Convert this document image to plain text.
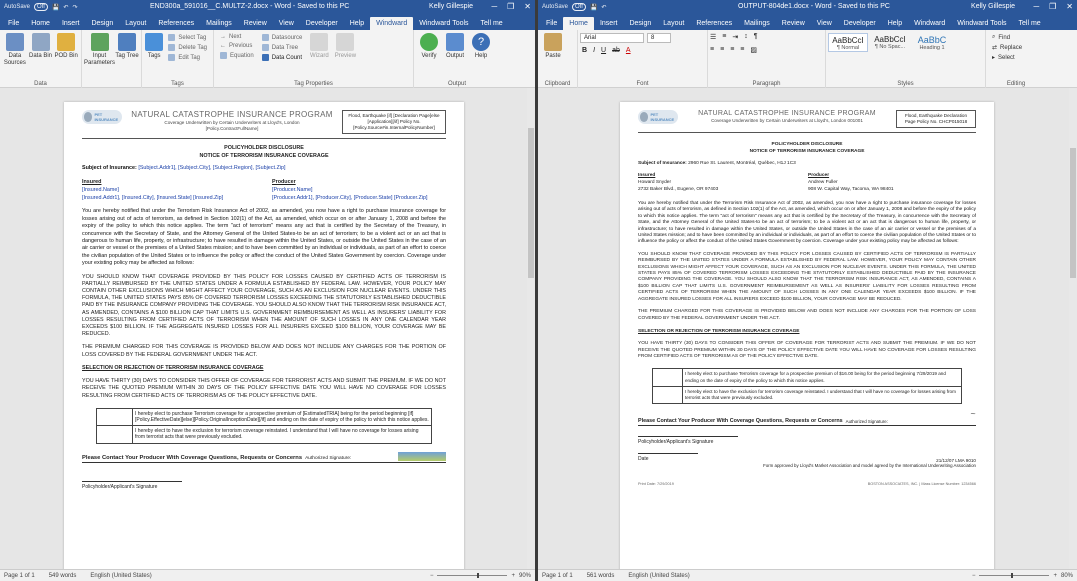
AutoSave	Off	💾 ↶ ↷	END300a_591016__C.MULTZ-2.docx - Word - Saved to this PC	Kelly Gillespie ─ ❐ ✕
File	Home	Insert	Design	Layout	References	Mailings	Review	View	Developer	Help	Windward	Windward Tools	Tell me
Data Sources
Data Bin POD Bin
Data
Input Parameters
Tag Tree Tags
Select Tag
Delete Tag
Edit Tag
Tags
→ Next
← Previous
Equation
Datasource
Data Tree
Data Count Wizard Preview
Tag Properties
Verify Output
?
Help
Output
PET INSURANCE
NATURAL CATASTROPHE INSURANCE PROGRAM
Coverage Underwritten by Certain Underwriters at Lloyd's, London
[Policy.ContractFullName]
Flood, Earthquake [if] [Declaration Page]else [Application][/if] Policy No. [Policy.Source#in.InternalPolicyNumber]
POLICYHOLDER DISCLOSURE
NOTICE OF TERRORISM INSURANCE COVERAGE
Subject of Insurance: [Subject.Addr1], [Subject.City], [Subject.Region], [Subject.Zip]
Insured
[Insured.Name]
[Insured.Addr1], [Insured.City], [Insured.State] [Insured.Zip]
Producer
[Producer.Name]
[Producer.Addr1], [Producer.City], [Producer.State] [Producer.Zip]
You are hereby notified that under the Terrorism Risk Insurance Act of 2002, as amended, you now have a right to purchase insurance coverage for losses arising out of acts of terrorism, as defined in Section 102(1) of the Act, as amended, which occur on or after January 1, 2008 and before the expiry of the policy to which this notice applies. The term "act of terrorism" means any act that is certified by the Secretary of the Treasury, in concurrence with the Secretary of State, and the Attorney General of the United States-to be an act of terrorism; to be a violent act or an act that is dangerous to human life, property, or infrastructure; to have resulted in damage within the United States, or outside the United States in the case of an air carrier or vessel or the premises of a United States mission; and to have been committed by an individual or individuals, as part of an effort to coerce the civilian population of the United States or to influence the policy or affect the conduct of the United States Government by coercion. Coverage under your existing policy may be affected as follows:
YOU SHOULD KNOW THAT COVERAGE PROVIDED BY THIS POLICY FOR LOSSES CAUSED BY CERTIFIED ACTS OF TERRORISM IS PARTIALLY REIMBURSED BY THE UNITED STATES UNDER A FORMULA ESTABLISHED BY FEDERAL LAW. HOWEVER, YOUR POLICY MAY CONTAIN OTHER EXCLUSIONS WHICH MIGHT AFFECT YOUR COVERAGE, SUCH AS AN EXCLUSION FOR NUCLEAR EVENTS. UNDER THIS FORMULA, THE UNITED STATES PAYS 85% OF COVERED TERRORISM LOSSES EXCEEDING THE STATUTORILY ESTABLISHED DEDUCTIBLE PAID BY THE INSURANCE COMPANY PROVIDING THE COVERAGE. YOU SHOULD ALSO KNOW THAT THE TERRORISM RISK INSURANCE ACT, AS AMENDED, CONTAINS A $100 BILLION CAP THAT LIMITS U.S. GOVERNMENT REIMBURSEMENT AS WELL AS INSURERS' LIABILITY FOR LOSSES RESULTING FROM CERTIFIED ACTS OF TERRORISM WHEN THE AMOUNT OF SUCH LOSSES IN ANY ONE CALENDAR YEAR EXCEEDS $100 BILLION. IF THE AGGREGATE INSURED LOSSES FOR ALL INSURERS EXCEED $100 BILLION, YOUR COVERAGE MAY BE REDUCED.
THE PREMIUM CHARGED FOR THIS COVERAGE IS PROVIDED BELOW AND DOES NOT INCLUDE ANY CHARGES FOR THE PORTION OF LOSS COVERED BY THE FEDERAL GOVERNMENT UNDER THE ACT.
SELECTION OR REJECTION OF TERRORISM INSURANCE COVERAGE
YOU HAVE THIRTY (30) DAYS TO CONSIDER THIS OFFER OF COVERAGE FOR TERRORIST ACTS AND SUBMIT THE PREMIUM. IF WE DO NOT RECEIVE THE QUOTED PREMIUM WITHIN 30 DAYS OF THE POLICY EFFECTIVE DATE YOU WILL HAVE NO COVERAGE FOR LOSSES RESULTING FROM CERTIFIED ACTS OF TERRORISM AS OF THE POLICY EFFECTIVE DATE.
	I hereby elect to purchase Terrorism coverage for a prospective premium of [EstimatedTRIA] being for the period beginning [if][Policy.EffectiveDate][else][Policy.OriginalInceptionDate][/if] and ending on the date of expiry of the policy to which this notice applies.
	I hereby elect to have the exclusion for terrorism coverage reinstated. I understand that I will have no coverage for losses arising from terrorist acts that were previously excluded.
Please Contact Your Producer With Coverage Questions, Requests or Concerns Authorized Signature:
Policyholder/Applicant's Signature
Page 1 of 1 549 words English (United States)	−	+ 90%
AutoSave	Off	💾 ↶	OUTPUT-804de1.docx - Word - Saved to this PC	Kelly Gillespie ─ ❐ ✕
File	Home	Insert	Design	Layout	References	Mailings	Review	View	Developer	Help	Windward	Windward Tools	Tell me
Paste
Clipboard
Arial	8
B I U ab A
Font
☰ ≡ ⇥ ↕ ¶
≡ ≡ ≡ ≡ ▨
Paragraph
AaBbCcI
¶ Normal
AaBbCcI
¶ No Spac...
AaBbC
Heading 1
Styles
⌕ Find
⇄ Replace
▸ Select
Editing
PET INSURANCE
NATURAL CATASTROPHE INSURANCE PROGRAM
Coverage Underwritten by Certain Underwriters at Lloyd's, London 001001
Flood, Earthquake Declaration Page Policy No. CHCP015018
POLICYHOLDER DISCLOSURE
NOTICE OF TERRORISM INSURANCE COVERAGE
Subject of Insurance: 2960 Rue St. Laurent, Montréal, Québec, H1J 1C3
Insured
Howard Snyder
2732 Baker Blvd., Eugene, OR 97403
Producer
Andrew Fuller
908 W. Capital Way, Tacoma, WA 98401
You are hereby notified that under the Terrorism Risk Insurance Act of 2002, as amended, you now have a right to purchase insurance coverage for losses arising out of acts of terrorism, as defined in Section 102(1) of the Act, as amended, which occur on or after January 1, 2008 and before the expiry of the policy to which this notice applies. The term "act of terrorism" means any act that is certified by the Secretary of the Treasury, in concurrence with the Secretary of State, and the Attorney General of the United States-to be an act of terrorism; to be a violent act or an act that is dangerous to human life, property, or infrastructure; to have resulted in damage within the United States, or outside the United States in the case of an air carrier or vessel or the premises of a United States mission; and to have been committed by an individual or individuals, as part of an effort to coerce the civilian population of the United States or to influence the policy or affect the conduct of the United States Government by coercion. Coverage under your existing policy may be affected as follows:
YOU SHOULD KNOW THAT COVERAGE PROVIDED BY THIS POLICY FOR LOSSES CAUSED BY CERTIFIED ACTS OF TERRORISM IS PARTIALLY REIMBURSED BY THE UNITED STATES UNDER A FORMULA ESTABLISHED BY FEDERAL LAW. HOWEVER, YOUR POLICY MAY CONTAIN OTHER EXCLUSIONS WHICH MIGHT AFFECT YOUR COVERAGE, SUCH AS AN EXCLUSION FOR NUCLEAR EVENTS. UNDER THIS FORMULA, THE UNITED STATES PAYS 85% OF COVERED TERRORISM LOSSES EXCEEDING THE STATUTORILY ESTABLISHED DEDUCTIBLE PAID BY THE INSURANCE COMPANY PROVIDING THE COVERAGE. YOU SHOULD ALSO KNOW THAT THE TERRORISM RISK INSURANCE ACT, AS AMENDED, CONTAINS A $100 BILLION CAP THAT LIMITS U.S. GOVERNMENT REIMBURSEMENT AS WELL AS INSURERS' LIABILITY FOR LOSSES RESULTING FROM CERTIFIED ACTS OF TERRORISM WHEN THE AMOUNT OF SUCH LOSSES IN ANY ONE CALENDAR YEAR EXCEEDS $100 BILLION. IF THE AGGREGATE INSURED LOSSES FOR ALL INSURERS EXCEED $100 BILLION, YOUR COVERAGE MAY BE REDUCED.
THE PREMIUM CHARGED FOR THIS COVERAGE IS PROVIDED BELOW AND DOES NOT INCLUDE ANY CHARGES FOR THE PORTION OF LOSS COVERED BY THE FEDERAL GOVERNMENT UNDER THE ACT.
SELECTION OR REJECTION OF TERRORISM INSURANCE COVERAGE
YOU HAVE THIRTY (30) DAYS TO CONSIDER THIS OFFER OF COVERAGE FOR TERRORIST ACTS AND SUBMIT THE PREMIUM. IF WE DO NOT RECEIVE THE QUOTED PREMIUM WITHIN 30 DAYS OF THE POLICY EFFECTIVE DATE YOU WILL HAVE NO COVERAGE FOR LOSSES RESULTING FROM CERTIFIED ACTS OF TERRORISM AS OF THE POLICY EFFECTIVE DATE.
	I hereby elect to purchase Terrorism coverage for a prospective premium of $16.00 being for the period beginning 7/29/2019 and ending on the date of expiry of the policy to which this notice applies.
	I hereby elect to have the exclusion for terrorism coverage reinstated. I understand that I will have no coverage for losses arising from terrorist acts that were previously excluded.
~
Please Contact Your Producer With Coverage Questions, Requests or Concerns Authorized Signature:
Policyholder/Applicant's Signature
Date	21/12/07 LMA 9010
Form approved by Lloyd's Market Association and model agreed by the International Underwriting Association
Print Date: 7/29/2019	BOSTON ASSOCIATES, INC. | Mass License Number: 1234566
Page 1 of 1 561 words English (United States)	−	+ 80%
